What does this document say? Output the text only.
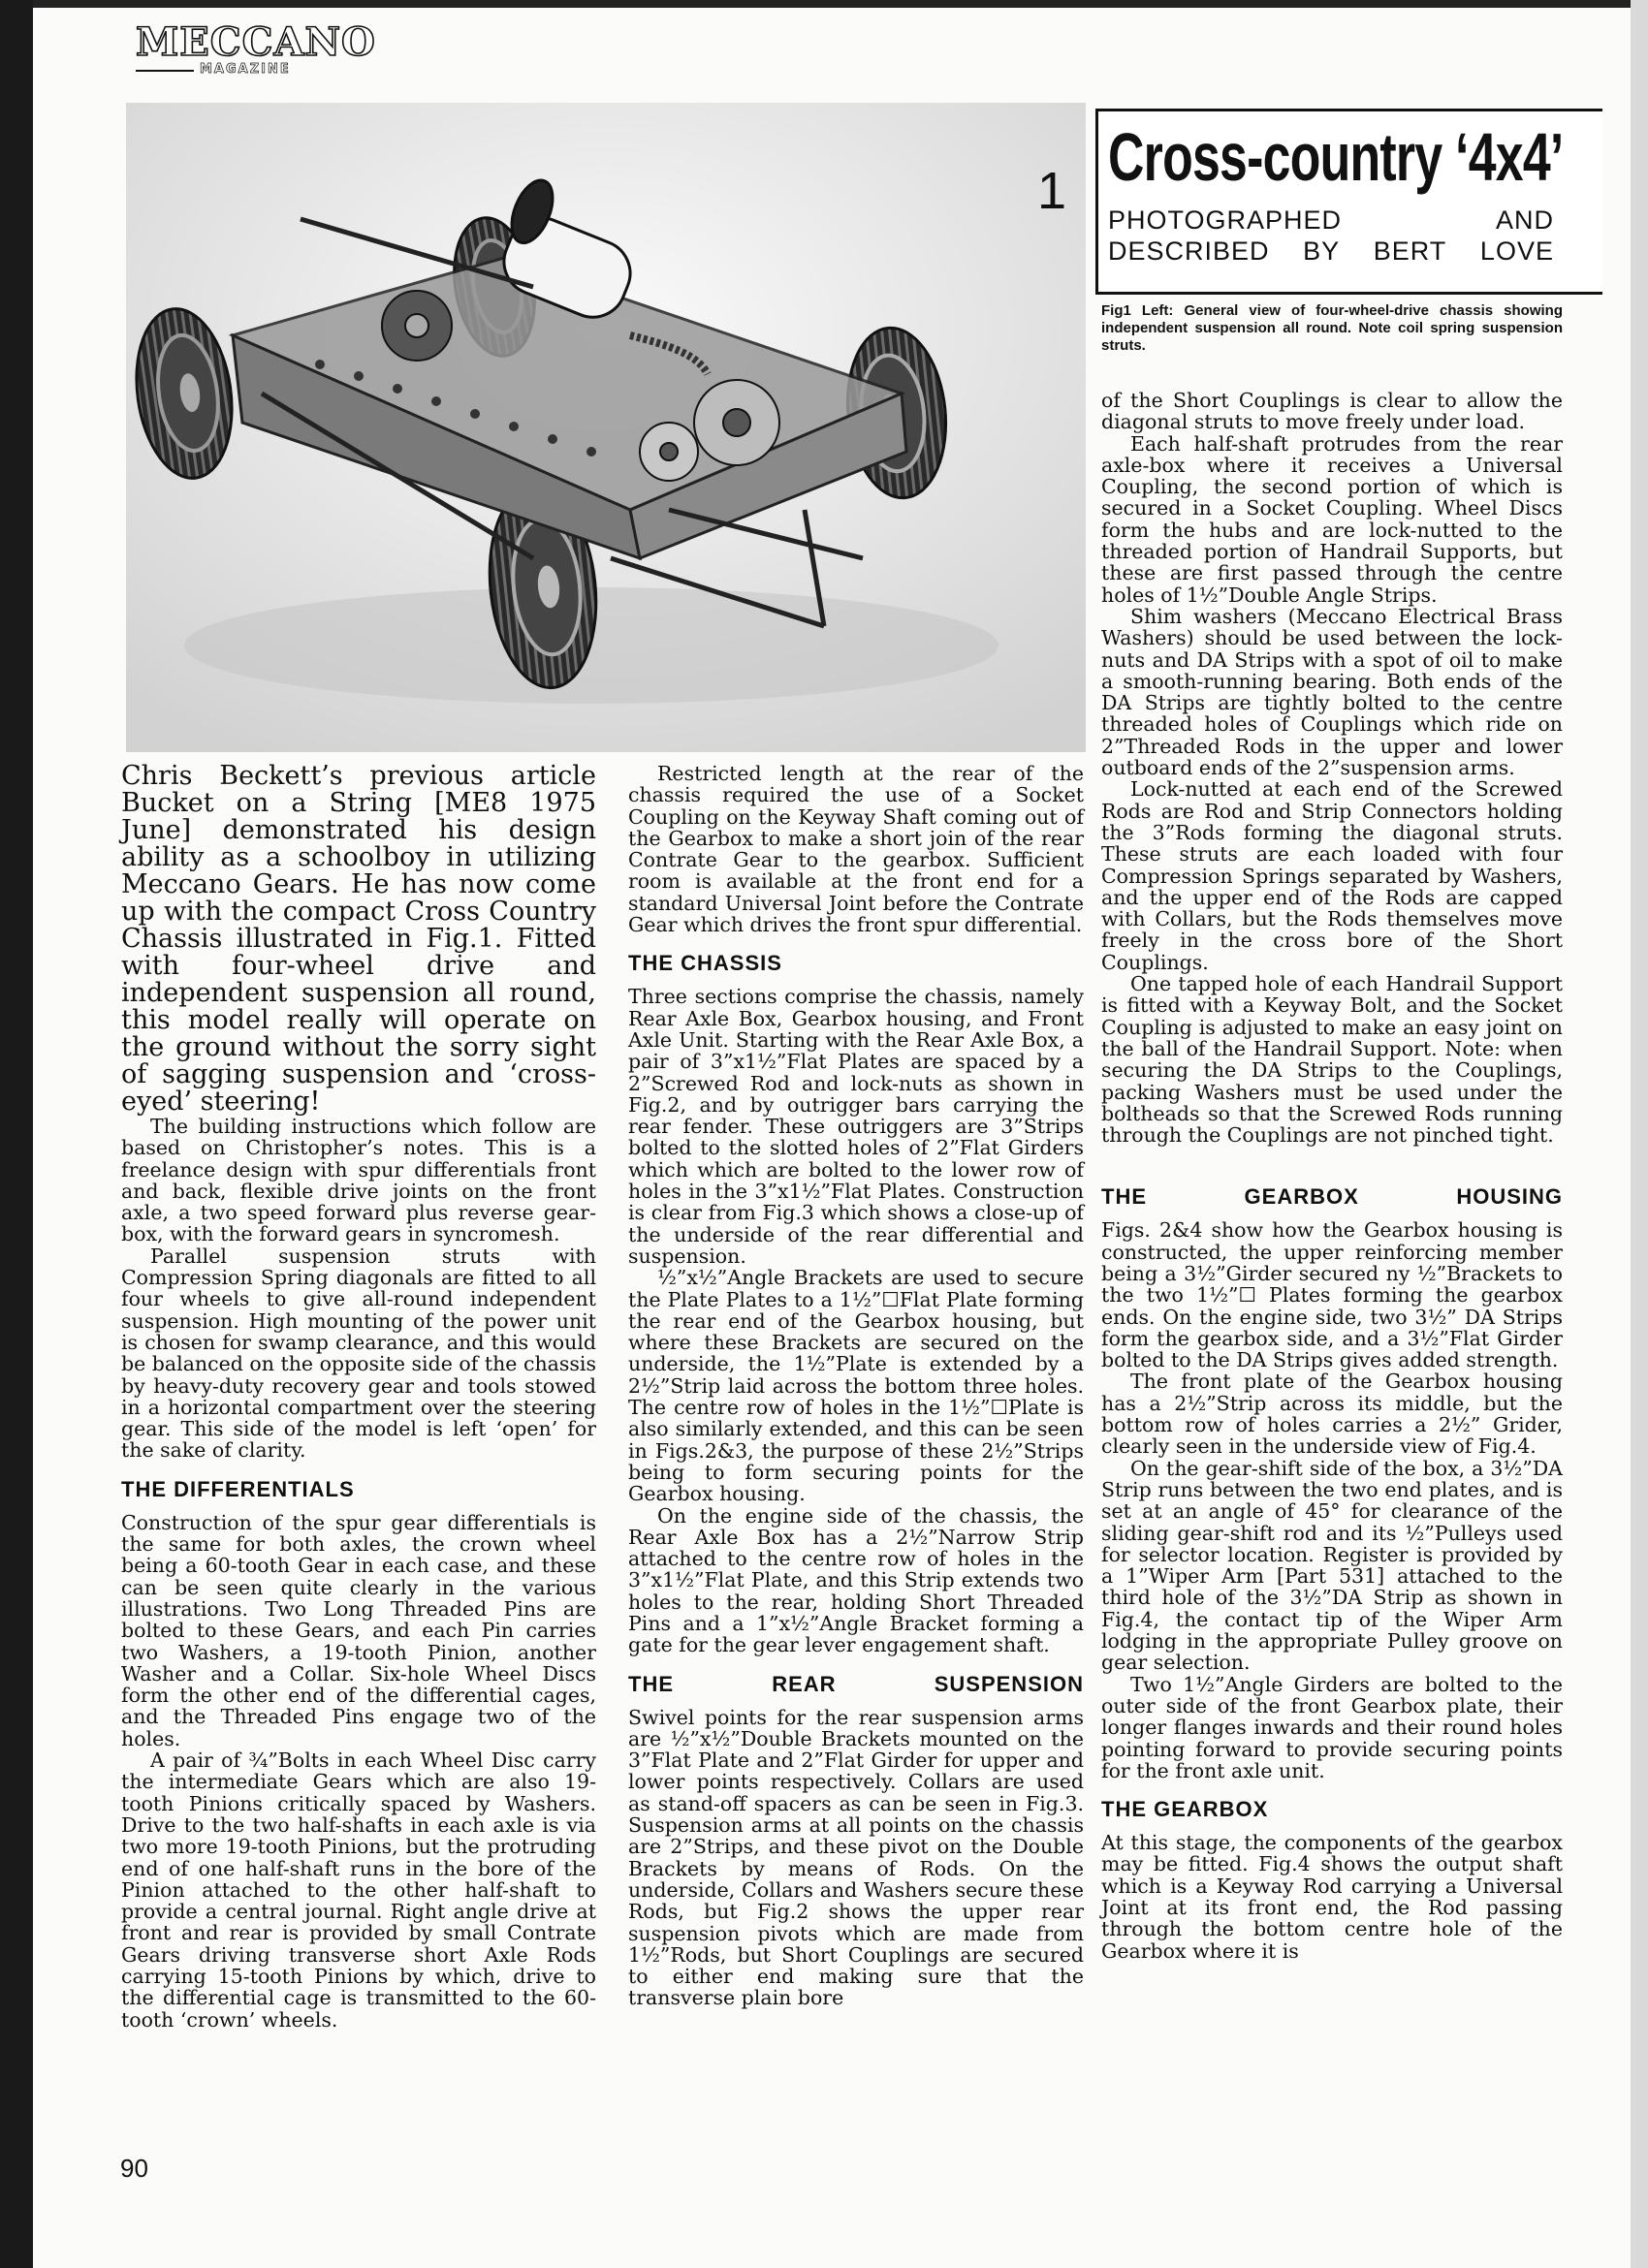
MECCANO
MAGAZINE
1 Cross-country ‘4x4’
PHOTOGRAPHED	AND
DESCRIBED BY BERT LOVE
Fig1 Left: General view of four-wheel-drive chassis showing independent suspension all round. Note coil spring suspension struts.

Chris Beckett’s previous article Bucket on a String [ME8 1975 June] demonstrated his design ability as a schoolboy in utilizing Meccano Gears. He has now come up with the compact Cross Country Chassis illustrated in Fig.1. Fitted with four-wheel drive and independent suspension all round, this model really will operate on the ground without the sorry sight of sagging suspension and ‘cross-eyed’ steering!

The building instructions which follow are based on Christopher’s notes. This is a freelance design with spur differentials front and back, flexible drive joints on the front axle, a two speed forward plus reverse gear-box, with the forward gears in syncromesh.

Parallel suspension struts with Compression Spring diagonals are fitted to all four wheels to give all-round independent suspension. High mounting of the power unit is chosen for swamp clearance, and this would be balanced on the opposite side of the chassis by heavy-duty recovery gear and tools stowed in a horizontal compartment over the steering gear. This side of the model is left ‘open’ for the sake of clarity.

THE DIFFERENTIALS

Construction of the spur gear differentials is the same for both axles, the crown wheel being a 60-tooth Gear in each case, and these can be seen quite clearly in the various illustrations. Two Long Threaded Pins are bolted to these Gears, and each Pin carries two Washers, a 19-tooth Pinion, another Washer and a Collar. Six-hole Wheel Discs form the other end of the differential cages, and the Threaded Pins engage two of the holes.

A pair of ¾”Bolts in each Wheel Disc carry the intermediate Gears which are also 19-tooth Pinions critically spaced by Washers. Drive to the two half-shafts in each axle is via two more 19-tooth Pinions, but the protruding end of one half-shaft runs in the bore of the Pinion attached to the other half-shaft to provide a central journal. Right angle drive at front and rear is provided by small Contrate Gears driving transverse short Axle Rods carrying 15-tooth Pinions by which, drive to the differential cage is transmitted to the 60-tooth ‘crown’ wheels.

Restricted length at the rear of the chassis required the use of a Socket Coupling on the Keyway Shaft coming out of the Gearbox to make a short join of the rear Contrate Gear to the gearbox. Sufficient room is available at the front end for a standard Universal Joint before the Contrate Gear which drives the front spur differential.

THE CHASSIS

Three sections comprise the chassis, namely Rear Axle Box, Gearbox housing, and Front Axle Unit. Starting with the Rear Axle Box, a pair of 3”x1½”Flat Plates are spaced by a 2”Screwed Rod and lock-nuts as shown in Fig.2, and by outrigger bars carrying the rear fender. These outriggers are 3”Strips bolted to the slotted holes of 2”Flat Girders which which are bolted to the lower row of holes in the 3”x1½”Flat Plates. Construction is clear from Fig.3 which shows a close-up of the underside of the rear differential and suspension.

½”x½”Angle Brackets are used to secure the Plate Plates to a 1½”☐Flat Plate forming the rear end of the Gearbox housing, but where these Brackets are secured on the underside, the 1½”Plate is extended by a 2½”Strip laid across the bottom three holes. The centre row of holes in the 1½”☐Plate is also similarly extended, and this can be seen in Figs.2&3, the purpose of these 2½”Strips being to form securing points for the Gearbox housing.

On the engine side of the chassis, the Rear Axle Box has a 2½”Narrow Strip attached to the centre row of holes in the 3”x1½”Flat Plate, and this Strip extends two holes to the rear, holding Short Threaded Pins and a 1”x½”Angle Bracket forming a gate for the gear lever engagement shaft.

THE	REAR	SUSPENSION

Swivel points for the rear suspension arms are ½”x½”Double Brackets mounted on the 3”Flat Plate and 2”Flat Girder for upper and lower points respectively. Collars are used as stand-off spacers as can be seen in Fig.3. Suspension arms at all points on the chassis are 2”Strips, and these pivot on the Double Brackets by means of Rods. On the underside, Collars and Washers secure these Rods, but Fig.2 shows the upper rear suspension pivots which are made from 1½”Rods, but Short Couplings are secured to either end making sure that the transverse plain bore

of the Short Couplings is clear to allow the diagonal struts to move freely under load.

Each half-shaft protrudes from the rear axle-box where it receives a Universal Coupling, the second portion of which is secured in a Socket Coupling. Wheel Discs form the hubs and are lock-nutted to the threaded portion of Handrail Supports, but these are first passed through the centre holes of 1½”Double Angle Strips.

Shim washers (Meccano Electrical Brass Washers) should be used between the lock-nuts and DA Strips with a spot of oil to make a smooth-running bearing. Both ends of the DA Strips are tightly bolted to the centre threaded holes of Couplings which ride on 2”Threaded Rods in the upper and lower outboard ends of the 2”suspension arms.

Lock-nutted at each end of the Screwed Rods are Rod and Strip Connectors holding the 3”Rods forming the diagonal struts. These struts are each loaded with four Compression Springs separated by Washers, and the upper end of the Rods are capped with Collars, but the Rods themselves move freely in the cross bore of the Short Couplings.

One tapped hole of each Handrail Support is fitted with a Keyway Bolt, and the Socket Coupling is adjusted to make an easy joint on the ball of the Handrail Support. Note: when securing the DA Strips to the Couplings, packing Washers must be used under the boltheads so that the Screwed Rods running through the Couplings are not pinched tight.

THE	GEARBOX	HOUSING

Figs. 2&4 show how the Gearbox housing is constructed, the upper reinforcing member being a 3½”Girder secured ny ½”Brackets to the two 1½”☐ Plates forming the gearbox ends. On the engine side, two 3½” DA Strips form the gearbox side, and a 3½”Flat Girder bolted to the DA Strips gives added strength.

The front plate of the Gearbox housing has a 2½”Strip across its middle, but the bottom row of holes carries a 2½” Grider, clearly seen in the underside view of Fig.4.

On the gear-shift side of the box, a 3½”DA Strip runs between the two end plates, and is set at an angle of 45° for clearance of the sliding gear-shift rod and its ½”Pulleys used for selector location. Register is provided by a 1”Wiper Arm [Part 531] attached to the third hole of the 3½”DA Strip as shown in Fig.4, the contact tip of the Wiper Arm lodging in the appropriate Pulley groove on gear selection.

Two 1½”Angle Girders are bolted to the outer side of the front Gearbox plate, their longer flanges inwards and their round holes pointing forward to provide securing points for the front axle unit.

THE GEARBOX

At this stage, the components of the gearbox may be fitted. Fig.4 shows the output shaft which is a Keyway Rod carrying a Universal Joint at its front end, the Rod passing through the bottom centre hole of the Gearbox where it is

90
